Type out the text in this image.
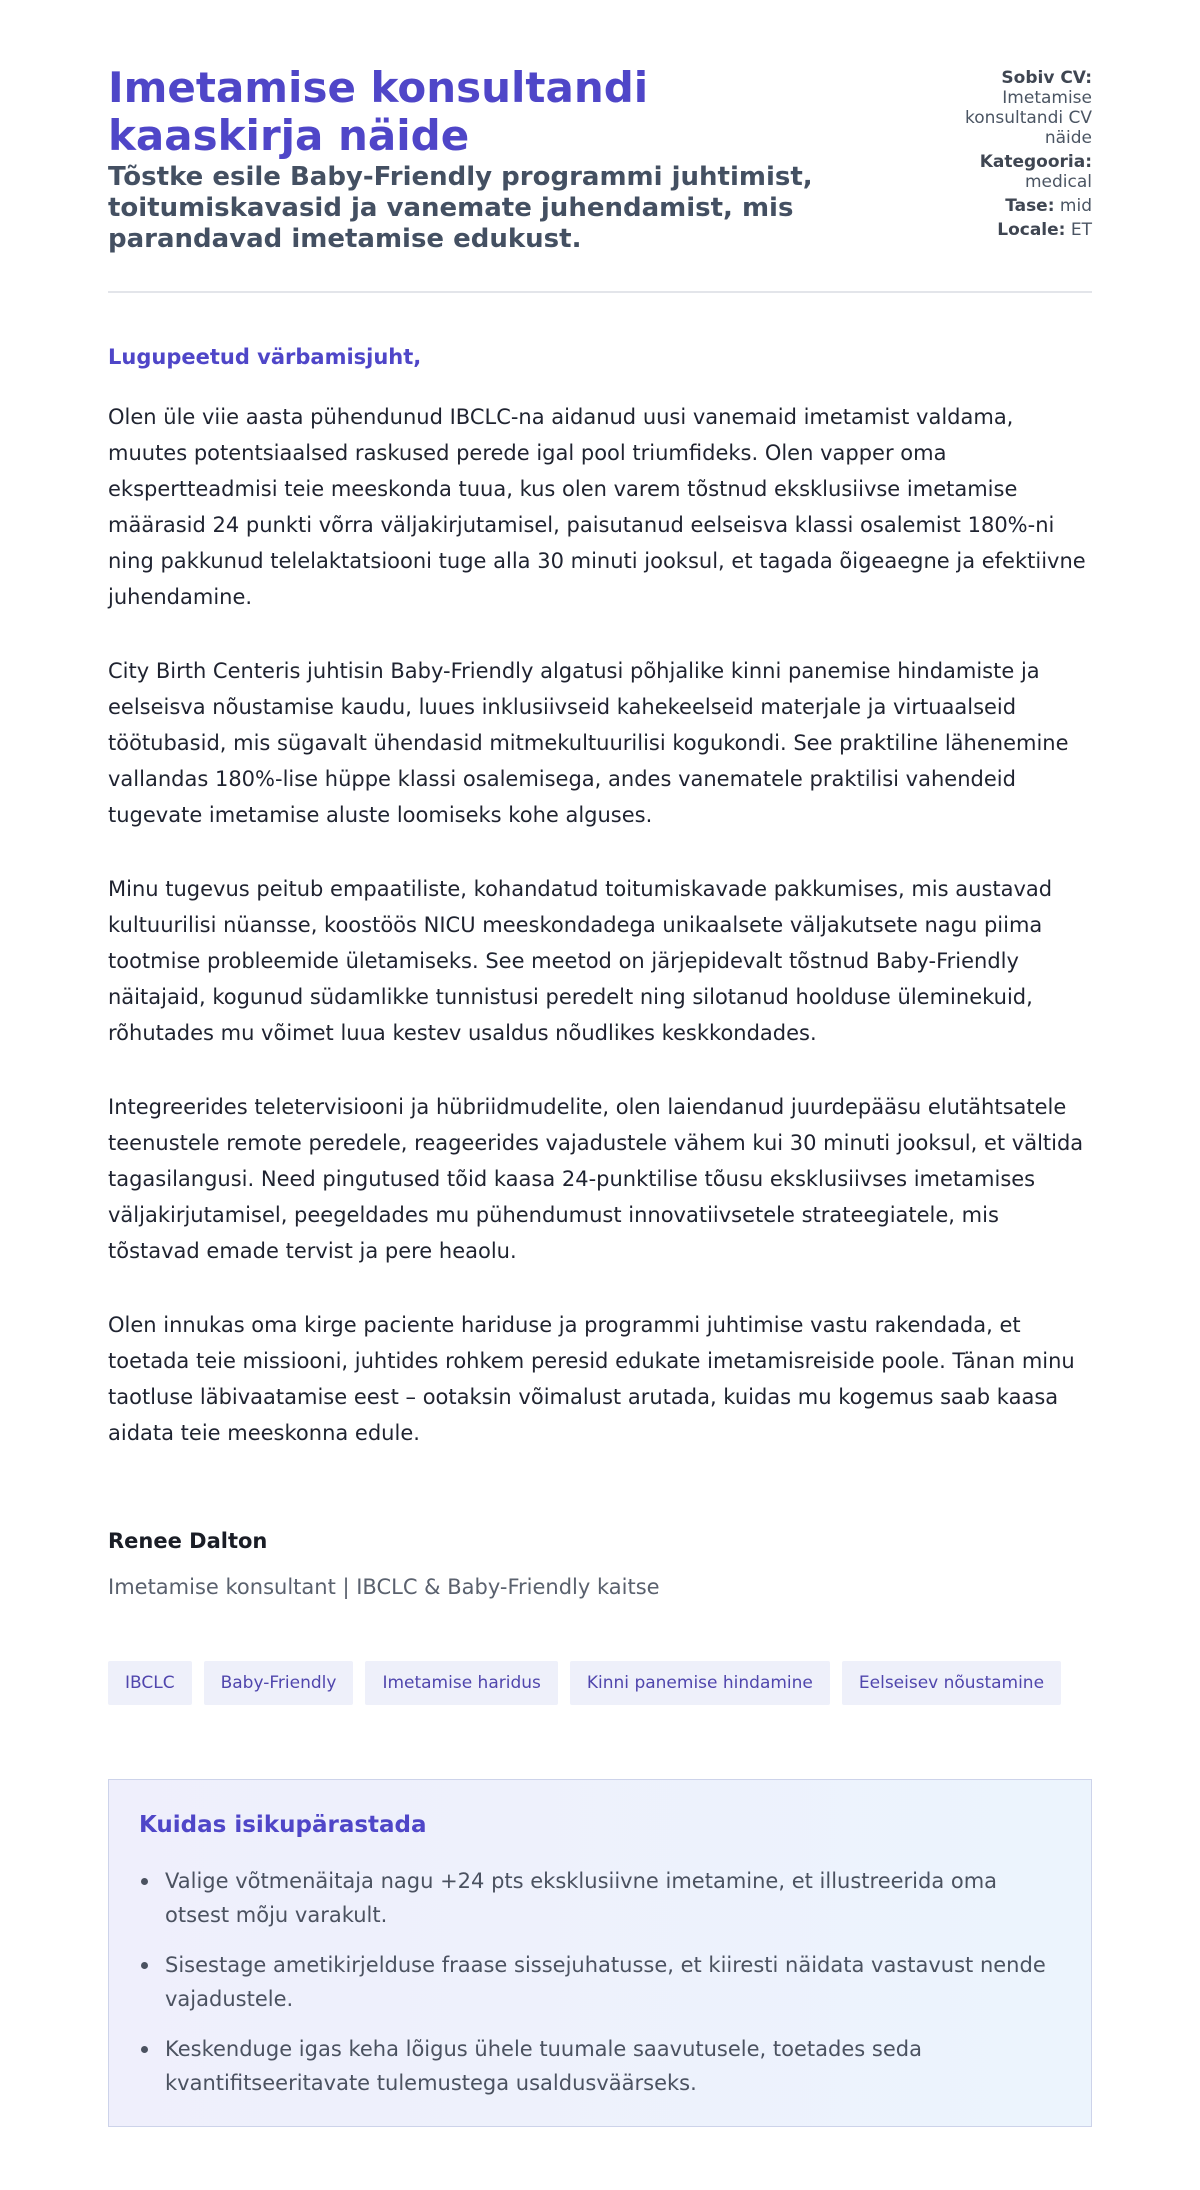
Imetamise konsultandi kaaskirja näide
Tõstke esile Baby-Friendly programmi juhtimist, toitumiskavasid ja vanemate juhendamist, mis parandavad imetamise edukust.
Sobiv CV:
Imetamise konsultandi CV näide
Kategooria:
medical
Tase: mid
Locale: ET

Lugupeetud värbamisjuht,

Olen üle viie aasta pühendunud IBCLC-na aidanud uusi vanemaid imetamist valdama, muutes potentsiaalsed raskused perede igal pool triumfideks. Olen vapper oma ekspertteadmisi teie meeskonda tuua, kus olen varem tõstnud eksklusiivse imetamise määrasid 24 punkti võrra väljakirjutamisel, paisutanud eelseisva klassi osalemist 180%-ni ning pakkunud telelaktatsiooni tuge alla 30 minuti jooksul, et tagada õigeaegne ja efektiivne juhendamine.

City Birth Centeris juhtisin Baby-Friendly algatusi põhjalike kinni panemise hindamiste ja eelseisva nõustamise kaudu, luues inklusiivseid kahekeelseid materjale ja virtuaalseid töötubasid, mis sügavalt ühendasid mitmekultuurilisi kogukondi. See praktiline lähenemine vallandas 180%-lise hüppe klassi osalemisega, andes vanematele praktilisi vahendeid tugevate imetamise aluste loomiseks kohe alguses.

Minu tugevus peitub empaatiliste, kohandatud toitumiskavade pakkumises, mis austavad kultuurilisi nüansse, koostöös NICU meeskondadega unikaalsete väljakutsete nagu piima tootmise probleemide ületamiseks. See meetod on järjepidevalt tõstnud Baby-Friendly näitajaid, kogunud südamlikke tunnistusi peredelt ning silotanud hoolduse üleminekuid, rõhutades mu võimet luua kestev usaldus nõudlikes keskkondades.

Integreerides teletervisiooni ja hübriidmudelite, olen laiendanud juurdepääsu elutähtsatele teenustele remote peredele, reageerides vajadustele vähem kui 30 minuti jooksul, et vältida tagasilangusi. Need pingutused tõid kaasa 24-punktilise tõusu eksklusiivses imetamises väljakirjutamisel, peegeldades mu pühendumust innovatiivsetele strateegiatele, mis tõstavad emade tervist ja pere heaolu.

Olen innukas oma kirge paciente hariduse ja programmi juhtimise vastu rakendada, et toetada teie missiooni, juhtides rohkem peresid edukate imetamisreiside poole. Tänan minu taotluse läbivaatamise eest – ootaksin võimalust arutada, kuidas mu kogemus saab kaasa aidata teie meeskonna edule.

Renee Dalton

Imetamise konsultant | IBCLC & Baby-Friendly kaitse

IBCLC	Baby-Friendly	Imetamise haridus	Kinni panemise hindamine	Eelseisev nõustamine
Kuidas isikupärastada
Valige võtmenäitaja nagu +24 pts eksklusiivne imetamine, et illustreerida oma otsest mõju varakult.
Sisestage ametikirjelduse fraase sissejuhatusse, et kiiresti näidata vastavust nende vajadustele.
Keskenduge igas keha lõigus ühele tuumale saavutusele, toetades seda kvantifitseeritavate tulemustega usaldusväärseks.
